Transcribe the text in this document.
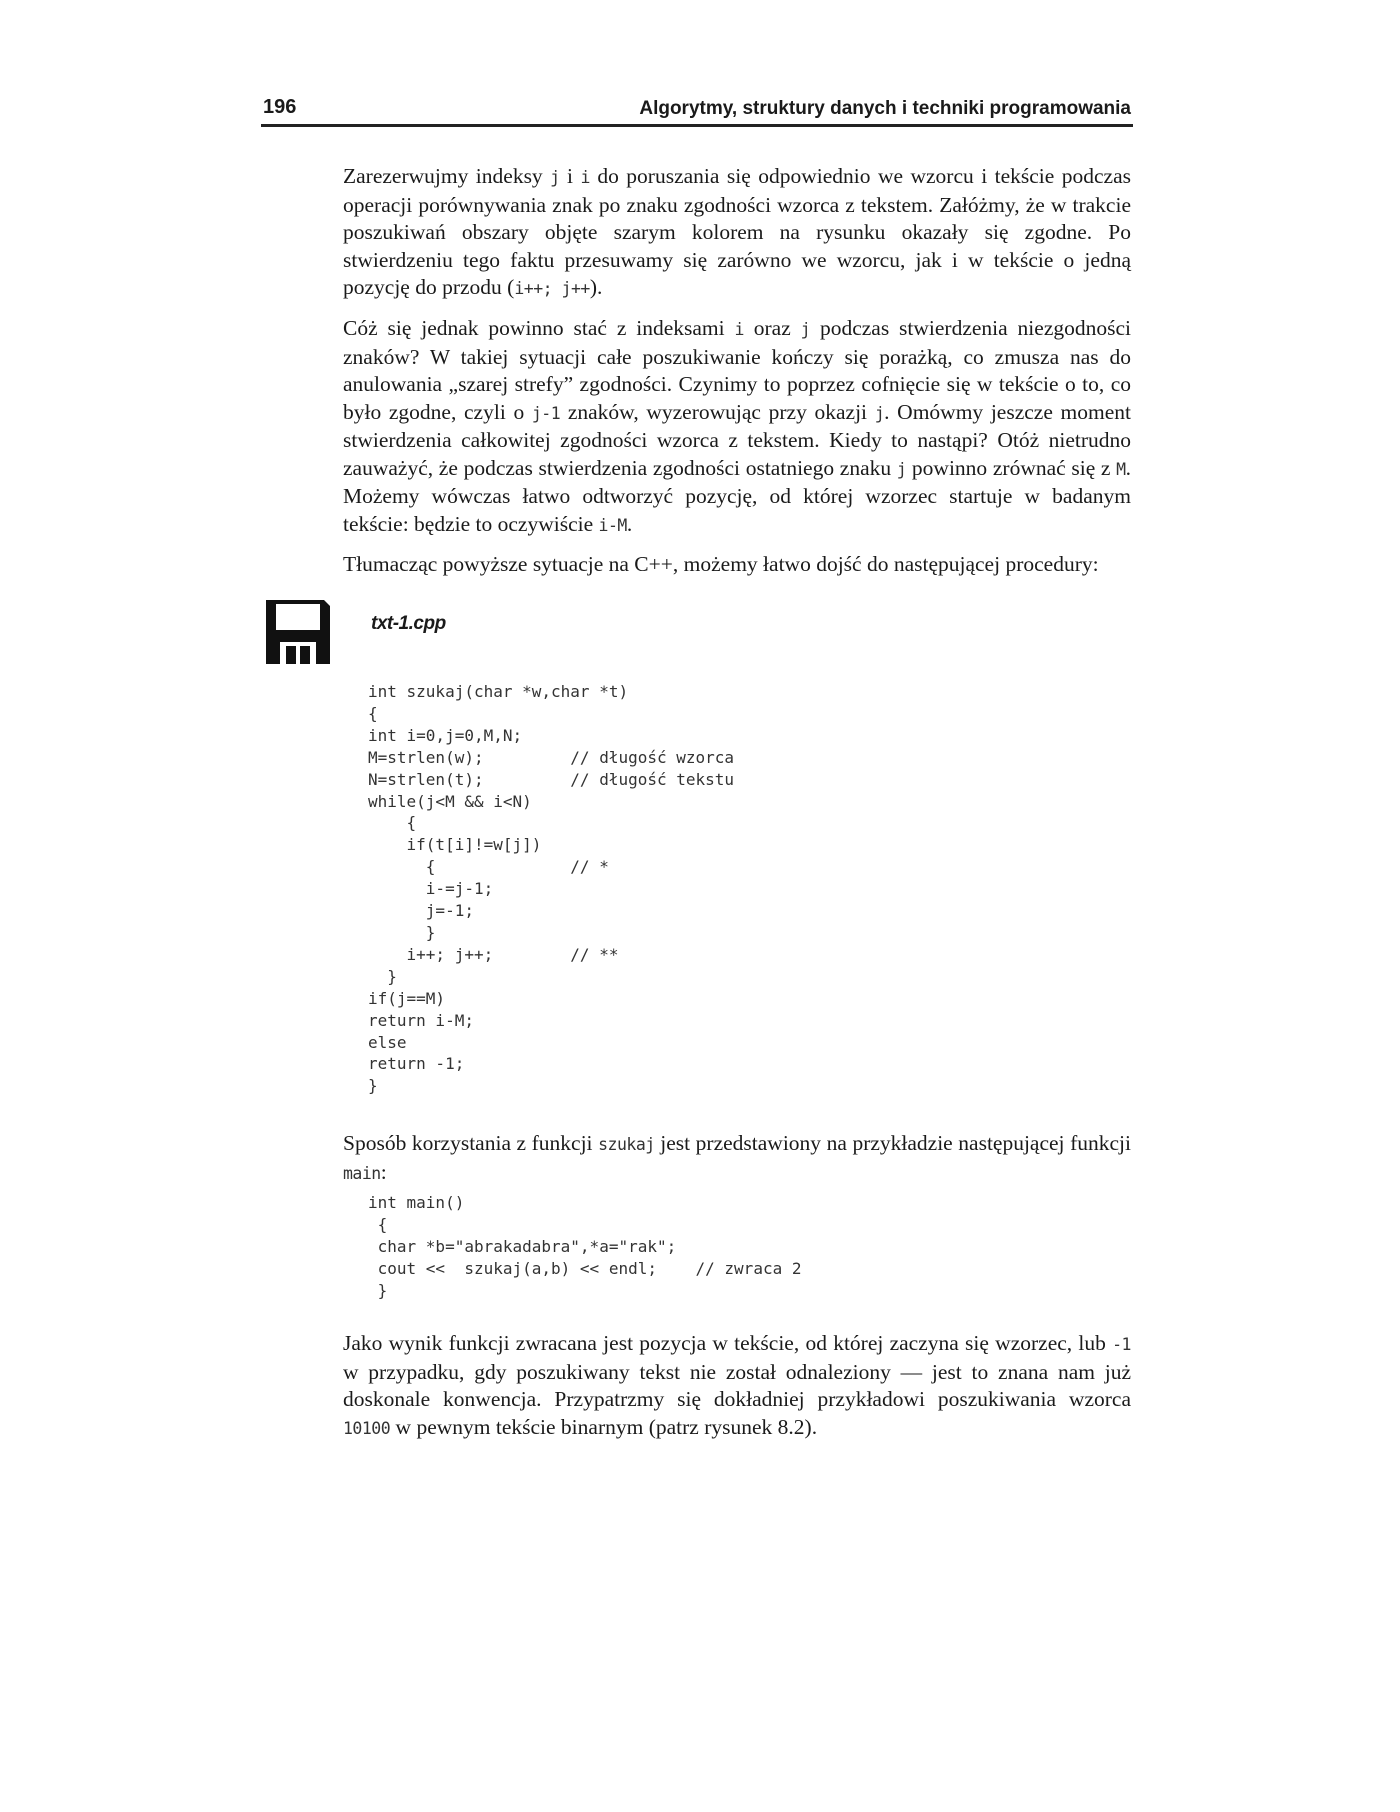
196	Algorytmy, struktury danych i techniki programowania

Zarezerwujmy indeksy j i i do poruszania się odpowiednio we wzorcu i tekście podczas operacji porównywania znak po znaku zgodności wzorca z tekstem. Załóżmy, że w trakcie poszukiwań obszary objęte szarym kolorem na rysunku okazały się zgodne. Po stwierdzeniu tego faktu przesuwamy się zarówno we wzorcu, jak i w tekście o jedną pozycję do przodu (i++; j++).

Cóż się jednak powinno stać z indeksami i oraz j podczas stwierdzenia niezgodności znaków? W takiej sytuacji całe poszukiwanie kończy się porażką, co zmusza nas do anulowania „szarej strefy” zgodności. Czynimy to poprzez cofnięcie się w tekście o to, co było zgodne, czyli o j-1 znaków, wyzerowując przy okazji j. Omówmy jeszcze moment stwierdzenia całkowitej zgodności wzorca z tekstem. Kiedy to nastąpi? Otóż nietrudno zauważyć, że podczas stwierdzenia zgodności ostatniego znaku j powinno zrównać się z M. Możemy wówczas łatwo odtworzyć pozycję, od której wzorzec startuje w badanym tekście: będzie to oczywiście i-M.

Tłumacząc powyższe sytuacje na C++, możemy łatwo dojść do następującej procedury:

txt-1.cpp
int szukaj(char *w,char *t)
{
int i=0,j=0,M,N;
M=strlen(w);         // długość wzorca
N=strlen(t);         // długość tekstu
while(j<M && i<N)
{
if(t[i]!=w[j])
{              // *
i-=j-1;
j=-1;
}
i++; j++;        // **
}
if(j==M)
return i-M;
else
return -1;
}

Sposób korzystania z funkcji szukaj jest przedstawiony na przykładzie następującej funkcji main:

int main()
{
char *b="abrakadabra",*a="rak";
cout <<  szukaj(a,b) << endl;    // zwraca 2
}

Jako wynik funkcji zwracana jest pozycja w tekście, od której zaczyna się wzorzec, lub -1 w przypadku, gdy poszukiwany tekst nie został odnaleziony — jest to znana nam już doskonale konwencja. Przypatrzmy się dokładniej przykładowi poszukiwania wzorca 10100 w pewnym tekście binarnym (patrz rysunek 8.2).
